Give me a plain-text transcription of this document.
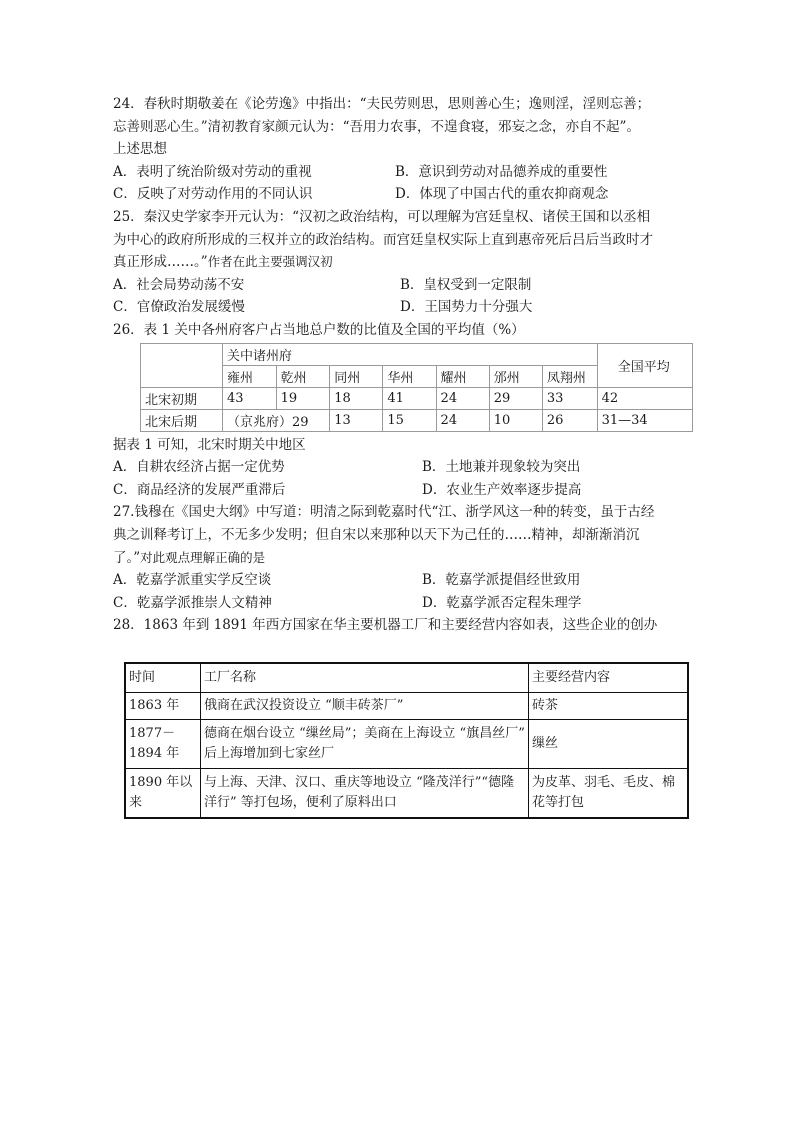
24．春秋时期敬姜在《论劳逸》中指出：“夫民劳则思，思则善心生；逸则淫，淫则忘善；
忘善则恶心生。”清初教育家颜元认为：“吾用力农事，不遑食寝，邪妄之念，亦自不起”。
上述思想
A．表明了统治阶级对劳动的重视	B．意识到劳动对品德养成的重要性
C．反映了对劳动作用的不同认识	D．体现了中国古代的重农抑商观念
25．秦汉史学家李开元认为：“汉初之政治结构，可以理解为宫廷皇权、诸侯王国和以丞相
为中心的政府所形成的三权并立的政治结构。而宫廷皇权实际上直到惠帝死后吕后当政时才
真正形成……。”作者在此主要强调汉初
A．社会局势动荡不安	B．皇权受到一定限制
C．官僚政治发展缓慢	D．王国势力十分强大
26．表 1 关中各州府客户占当地总户数的比值及全国的平均值（%）
	关中诸州府							全国平均
	雍州	乾州	同州	华州	耀州	邠州	凤翔州	
北宋初期	43	19	18	41	24	29	33	42
北宋后期	（京兆府）29		13	15	24	10	26	31—34
据表 1 可知，北宋时期关中地区
A．自耕农经济占据一定优势	B．土地兼并现象较为突出
C．商品经济的发展严重滞后	D．农业生产效率逐步提高
27.钱穆在《国史大纲》中写道：明清之际到乾嘉时代“江、浙学风这一种的转变，虽于古经
典之训释考订上，不无多少发明；但自宋以来那种以天下为己任的……精神，却渐渐消沉
了。”对此观点理解正确的是
A．乾嘉学派重实学反空谈	B．乾嘉学派提倡经世致用
C．乾嘉学派推崇人文精神	D．乾嘉学派否定程朱理学
28．1863 年到 1891 年西方国家在华主要机器工厂和主要经营内容如表，这些企业的创办
时间	工厂名称	主要经营内容
1863 年	俄商在武汉投资设立 “顺丰砖茶厂”	砖茶
1877－1894 年	德商在烟台设立 “缫丝局”；美商在上海设立 “旗昌丝厂” 后上海增加到七家丝厂	缫丝
1890 年以来	与上海、天津、汉口、重庆等地设立 “隆茂洋行”“德隆洋行” 等打包场，便利了原料出口	为皮革、羽毛、毛皮、棉花等打包
